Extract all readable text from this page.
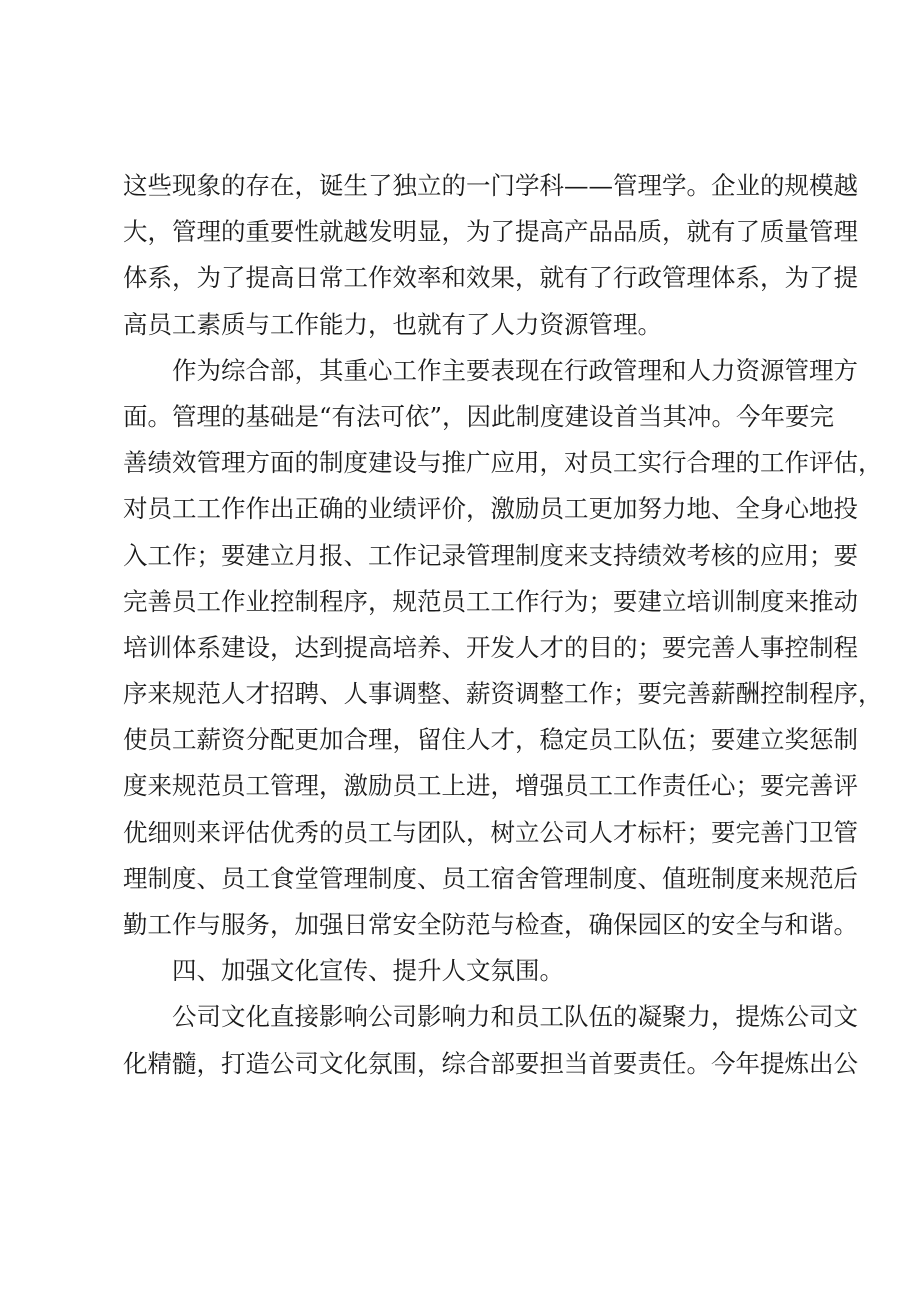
这些现象的存在，诞生了独立的一门学科——管理学。企业的规模越
大，管理的重要性就越发明显，为了提高产品品质，就有了质量管理
体系，为了提高日常工作效率和效果，就有了行政管理体系，为了提
高员工素质与工作能力，也就有了人力资源管理。
作为综合部，其重心工作主要表现在行政管理和人力资源管理方
面。管理的基础是“有法可依”，因此制度建设首当其冲。今年要完
善绩效管理方面的制度建设与推广应用，对员工实行合理的工作评估，
对员工工作作出正确的业绩评价，激励员工更加努力地、全身心地投
入工作；要建立月报、工作记录管理制度来支持绩效考核的应用；要
完善员工作业控制程序，规范员工工作行为；要建立培训制度来推动
培训体系建设，达到提高培养、开发人才的目的；要完善人事控制程
序来规范人才招聘、人事调整、薪资调整工作；要完善薪酬控制程序，
使员工薪资分配更加合理，留住人才，稳定员工队伍；要建立奖惩制
度来规范员工管理，激励员工上进，增强员工工作责任心；要完善评
优细则来评估优秀的员工与团队，树立公司人才标杆；要完善门卫管
理制度、员工食堂管理制度、员工宿舍管理制度、值班制度来规范后
勤工作与服务，加强日常安全防范与检查，确保园区的安全与和谐。
四、加强文化宣传、提升人文氛围。
公司文化直接影响公司影响力和员工队伍的凝聚力，提炼公司文
化精髓，打造公司文化氛围，综合部要担当首要责任。今年提炼出公
